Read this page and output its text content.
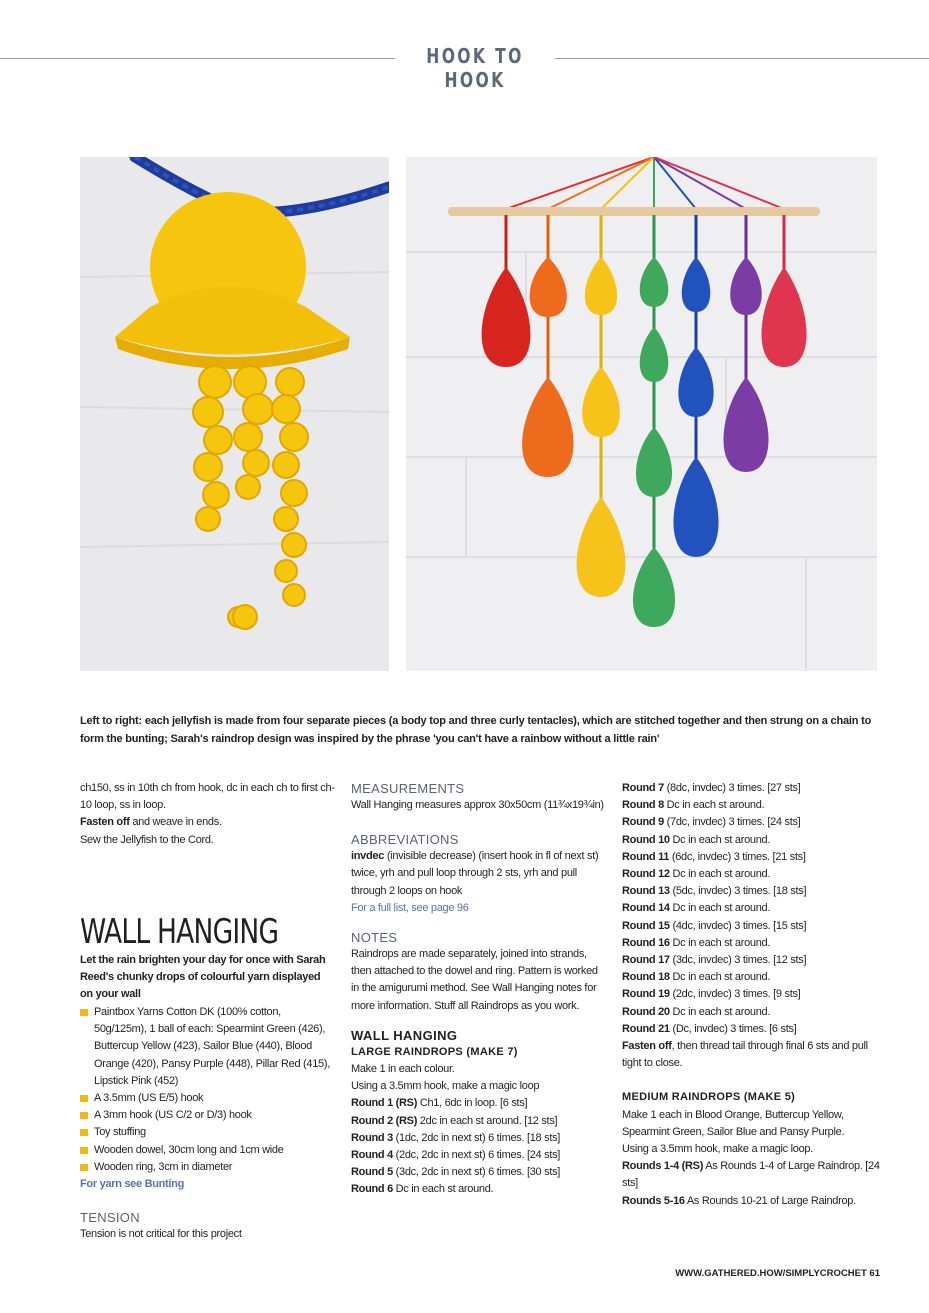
HOOK TO HOOK
Left to right: each jellyfish is made from four separate pieces (a body top and three curly tentacles), which are stitched together and then strung on a chain to form the bunting; Sarah's raindrop design was inspired by the phrase 'you can't have a rainbow without a little rain'
ch150, ss in 10th ch from hook, dc in each ch to first ch-10 loop, ss in loop.
Fasten off and weave in ends.
Sew the Jellyfish to the Cord.
WALL HANGING
Let the rain brighten your day for once with Sarah Reed's chunky drops of colourful yarn displayed on your wall
Paintbox Yarns Cotton DK (100% cotton, 50g/125m), 1 ball of each: Spearmint Green (426), Buttercup Yellow (423), Sailor Blue (440), Blood Orange (420), Pansy Purple (448), Pillar Red (415), Lipstick Pink (452)
A 3.5mm (US E/5) hook
A 3mm hook (US C/2 or D/3) hook
Toy stuffing
Wooden dowel, 30cm long and 1cm wide
Wooden ring, 3cm in diameter
For yarn see Bunting
TENSION
Tension is not critical for this project
MEASUREMENTS
Wall Hanging measures approx 30x50cm (11¾x19¾in)
ABBREVIATIONS
invdec (invisible decrease) (insert hook in fl of next st) twice, yrh and pull loop through 2 sts, yrh and pull through 2 loops on hook
For a full list, see page 96
NOTES
Raindrops are made separately, joined into strands, then attached to the dowel and ring. Pattern is worked in the amigurumi method. See Wall Hanging notes for more information. Stuff all Raindrops as you work.
WALL HANGING
LARGE RAINDROPS (MAKE 7)
Make 1 in each colour.
Using a 3.5mm hook, make a magic loop
Round 1 (RS) Ch1, 6dc in loop. [6 sts]
Round 2 (RS) 2dc in each st around. [12 sts]
Round 3 (1dc, 2dc in next st) 6 times. [18 sts]
Round 4 (2dc, 2dc in next st) 6 times. [24 sts]
Round 5 (3dc, 2dc in next st) 6 times. [30 sts]
Round 6 Dc in each st around.
Round 7 (8dc, invdec) 3 times. [27 sts]
Round 8 Dc in each st around.
Round 9 (7dc, invdec) 3 times. [24 sts]
Round 10 Dc in each st around.
Round 11 (6dc, invdec) 3 times. [21 sts]
Round 12 Dc in each st around.
Round 13 (5dc, invdec) 3 times. [18 sts]
Round 14 Dc in each st around.
Round 15 (4dc, invdec) 3 times. [15 sts]
Round 16 Dc in each st around.
Round 17 (3dc, invdec) 3 times. [12 sts]
Round 18 Dc in each st around.
Round 19 (2dc, invdec) 3 times. [9 sts]
Round 20 Dc in each st around.
Round 21 (Dc, invdec) 3 times. [6 sts]
Fasten off, then thread tail through final 6 sts and pull tight to close.
MEDIUM RAINDROPS (MAKE 5)
Make 1 each in Blood Orange, Buttercup Yellow, Spearmint Green, Sailor Blue and Pansy Purple.
Using a 3.5mm hook, make a magic loop.
Rounds 1-4 (RS) As Rounds 1-4 of Large Raindrop. [24 sts]
Rounds 5-16 As Rounds 10-21 of Large Raindrop.
WWW.GATHERED.HOW/SIMPLYCROCHET 61
